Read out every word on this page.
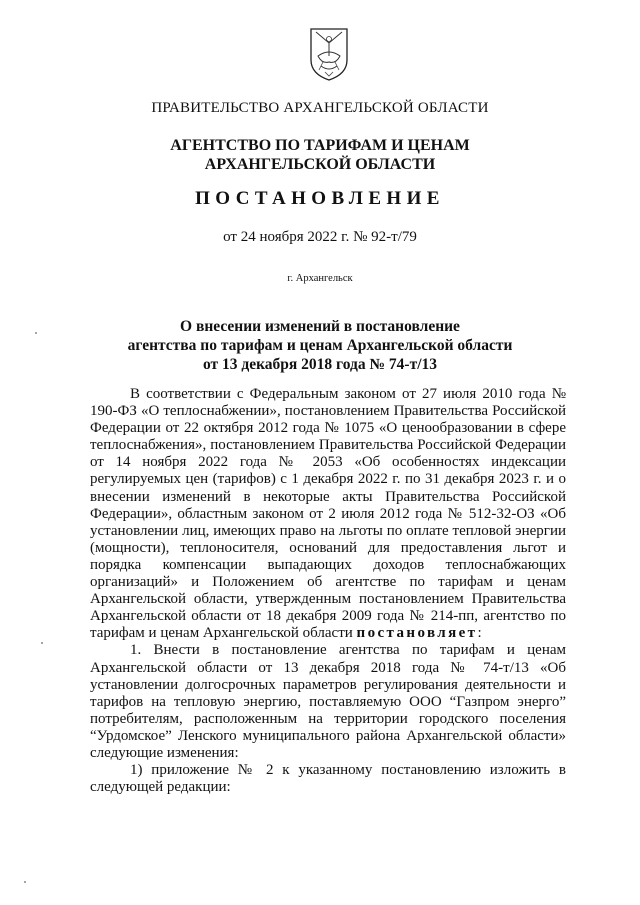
ПРАВИТЕЛЬСТВО АРХАНГЕЛЬСКОЙ ОБЛАСТИ
АГЕНТСТВО ПО ТАРИФАМ И ЦЕНАМ
АРХАНГЕЛЬСКОЙ ОБЛАСТИ
ПОСТАНОВЛЕНИЕ
от 24 ноября 2022 г. № 92-т/79
г. Архангельск
О внесении изменений в постановление
агентства по тарифам и ценам Архангельской области
от 13 декабря 2018 года № 74-т/13

В соответствии с Федеральным законом от 27 июля 2010 года № 190-ФЗ «О теплоснабжении», постановлением Правительства Российской Федерации от 22 октября 2012 года № 1075 «О ценообразовании в сфере теплоснабжения», постановлением Правительства Российской Федерации от 14 ноября 2022 года № 2053 «Об особенностях индексации регулируемых цен (тарифов) с 1 декабря 2022 г. по 31 декабря 2023 г. и о внесении изменений в некоторые акты Правительства Российской Федерации», областным законом от 2 июля 2012 года № 512-32-ОЗ «Об установлении лиц, имеющих право на льготы по оплате тепловой энергии (мощности), теплоносителя, оснований для предоставления льгот и порядка компенсации выпадающих доходов теплоснабжающих организаций» и Положением об агентстве по тарифам и ценам Архангельской области, утвержденным постановлением Правительства Архангельской области от 18 декабря 2009 года № 214-пп, агентство по тарифам и ценам Архангельской области постановляет:

1. Внести в постановление агентства по тарифам и ценам Архангельской области от 13 декабря 2018 года № 74-т/13 «Об установлении долгосрочных параметров регулирования деятельности и тарифов на тепловую энергию, поставляемую ООО “Газпром энерго” потребителям, расположенным на территории городского поселения “Урдомское” Ленского муниципального района Архангельской области» следующие изменения:

1) приложение № 2 к указанному постановлению изложить в следующей редакции:
